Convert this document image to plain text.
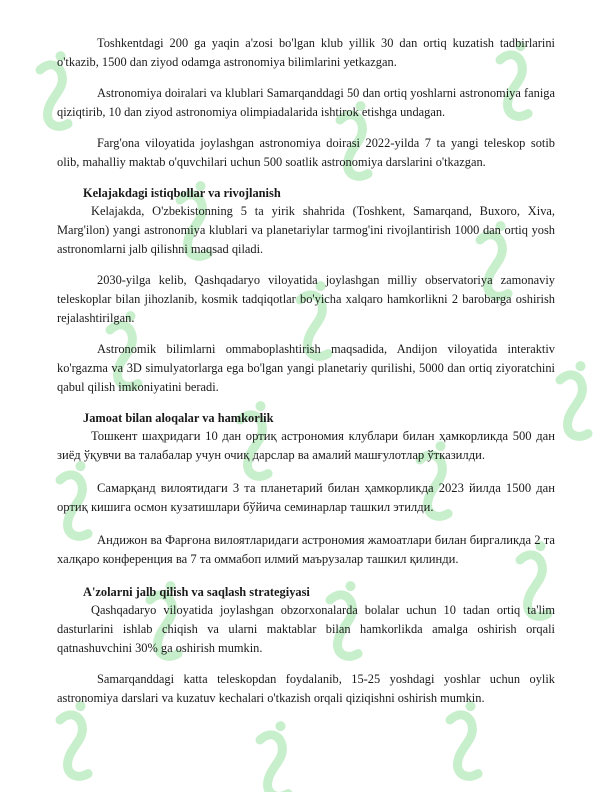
Toshkentdagi 200 ga yaqin a'zosi bo'lgan klub yillik 30 dan ortiq kuzatish tadbirlarini o'tkazib, 1500 dan ziyod odamga astronomiya bilimlarini yetkazgan.

Astronomiya doiralari va klublari Samarqanddagi 50 dan ortiq yoshlarni astronomiya faniga qiziqtirib, 10 dan ziyod astronomiya olimpiadalarida ishtirok etishga undagan.

Farg'ona viloyatida joylashgan astronomiya doirasi 2022-yilda 7 ta yangi teleskop sotib olib, mahalliy maktab o'quvchilari uchun 500 soatlik astronomiya darslarini o'tkazgan.

Kelajakdagi istiqbollar va rivojlanish

Kelajakda, O'zbekistonning 5 ta yirik shahrida (Toshkent, Samarqand, Buxoro, Xiva, Marg'ilon) yangi astronomiya klublari va planetariylar tarmog'ini rivojlantirish 1000 dan ortiq yosh astronomlarni jalb qilishni maqsad qiladi.

2030-yilga kelib, Qashqadaryo viloyatida joylashgan milliy observatoriya zamonaviy teleskoplar bilan jihozlanib, kosmik tadqiqotlar bo'yicha xalqaro hamkorlikni 2 barobarga oshirish rejalashtirilgan.

Astronomik bilimlarni ommaboplashtirish maqsadida, Andijon viloyatida interaktiv ko'rgazma va 3D simulyatorlarga ega bo'lgan yangi planetariy qurilishi, 5000 dan ortiq ziyoratchini qabul qilish imkoniyatini beradi.

Jamoat bilan aloqalar va hamkorlik

Тошкент шаҳридаги 10 дан ортиқ астрономия клублари билан ҳамкорликда 500 дан зиёд ўқувчи ва талабалар учун очиқ дарслар ва амалий машғулотлар ўтказилди.

Самарқанд вилоятидаги 3 та планетарий билан ҳамкорликда 2023 йилда 1500 дан ортиқ кишига осмон кузатишлари бўйича семинарлар ташкил этилди.

Андижон ва Фарғона вилоятларидаги астрономия жамоатлари билан биргаликда 2 та халқаро конференция ва 7 та оммабоп илмий маърузалар ташкил қилинди.

A'zolarni jalb qilish va saqlash strategiyasi

Qashqadaryo viloyatida joylashgan obzorxonalarda bolalar uchun 10 tadan ortiq ta'lim dasturlarini ishlab chiqish va ularni maktablar bilan hamkorlikda amalga oshirish orqali qatnashuvchini 30% ga oshirish mumkin.

Samarqanddagi katta teleskopdan foydalanib, 15-25 yoshdagi yoshlar uchun oylik astronomiya darslari va kuzatuv kechalari o'tkazish orqali qiziqishni oshirish mumkin.
